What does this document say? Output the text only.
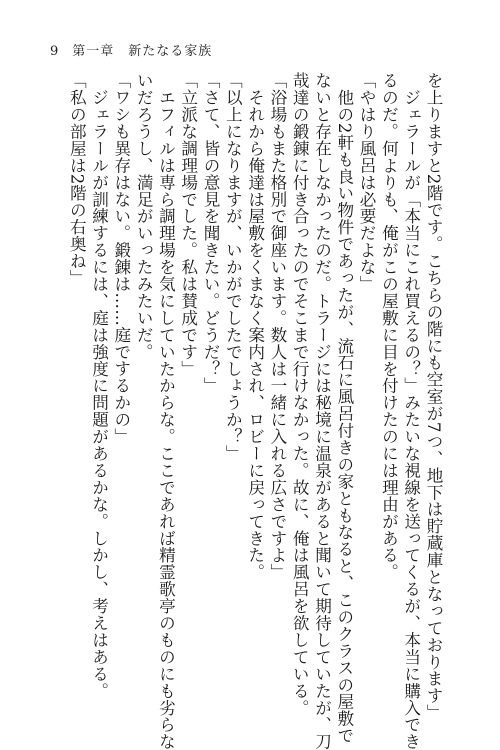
9 第一章　新たなる家族
を上りますと2階です。こちらの階にも空室が7つ、地下は貯蔵庫となっております」
　ジェラールが「本当にこれ買えるの？」みたいな視線を送ってくるが、本当に購入でき
るのだ。何よりも、俺がこの屋敷に目を付けたのには理由がある。
「やはり風呂は必要だよな」
　他の2軒も良い物件であったが、流石に風呂付きの家ともなると、このクラスの屋敷で
ないと存在しなかったのだ。トラージには秘境に温泉があると聞いて期待していたが、刀
哉達の鍛錬に付き合ったのでそこまで行けなかった。故に、俺は風呂を欲している。
「浴場もまた格別で御座います。数人は一緒に入れる広さですよ」
　それから俺達は屋敷をくまなく案内され、ロビーに戻ってきた。
「以上になりますが、いかがでしたでしょうか？」
「さて、皆の意見を聞きたい。どうだ？」
「立派な調理場でした。私は賛成です」
　エフィルは専ら調理場を気にしていたからな。ここであれば精霊歌亭のものにも劣らな
いだろうし、満足がいったみたいだ。
「ワシも異存はない。鍛錬は……庭でするかの」
　ジェラールが訓練するには、庭は強度に問題があるかな。しかし、考えはある。
「私の部屋は2階の右奥ね」
